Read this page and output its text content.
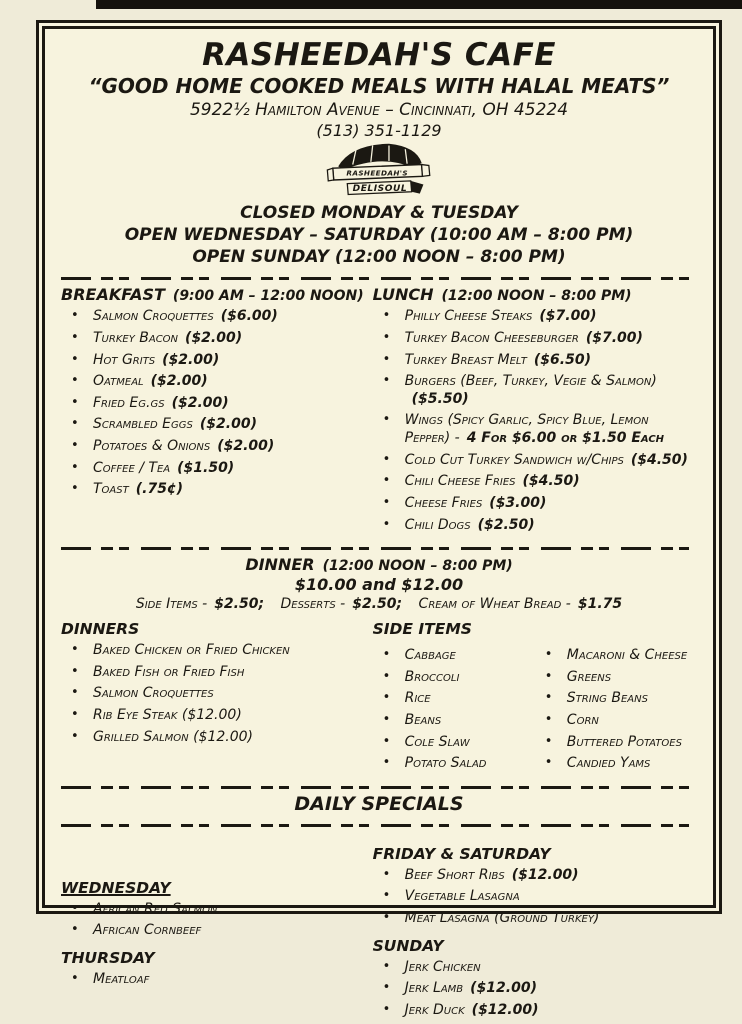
RASHEEDAH'S CAFE
“GOOD HOME COOKED MEALS WITH HALAL MEATS”
5922½ Hamilton Avenue – Cincinnati, OH 45224
(513) 351-1129
RASHEEDAH'S
DELISOUL
CLOSED MONDAY & TUESDAY
OPEN WEDNESDAY – SATURDAY (10:00 AM – 8:00 PM)
OPEN SUNDAY (12:00 NOON – 8:00 PM)
BREAKFAST (9:00 AM – 12:00 NOON)
• Salmon Croquettes ($6.00)
• Turkey Bacon ($2.00)
• Hot Grits ($2.00)
• Oatmeal ($2.00)
• Fried Eg.gs ($2.00)
• Scrambled Eggs ($2.00)
• Potatoes & Onions ($2.00)
• Coffee / Tea ($1.50)
• Toast (.75¢)
LUNCH (12:00 NOON – 8:00 PM)
• Philly Cheese Steaks ($7.00)
• Turkey Bacon Cheeseburger ($7.00)
• Turkey Breast Melt ($6.50)
• Burgers (Beef, Turkey, Vegie & Salmon)($5.50)
• Wings (Spicy Garlic, Spicy Blue, Lemon Pepper) - 4 For $6.00 or $1.50 Each
• Cold Cut Turkey Sandwich w/Chips ($4.50)
• Chili Cheese Fries ($4.50)
• Cheese Fries ($3.00)
• Chili Dogs ($2.50)
DINNER (12:00 NOON – 8:00 PM)
$10.00 and $12.00
Side Items - $2.50; Desserts - $2.50; Cream of Wheat Bread - $1.75
DINNERS
• Baked Chicken or Fried Chicken
• Baked Fish or Fried Fish
• Salmon Croquettes
• Rib Eye Steak ($12.00)
• Grilled Salmon ($12.00)
SIDE ITEMS
• Cabbage
• Broccoli
• Rice
• Beans
• Cole Slaw
• Potato Salad
• Macaroni & Cheese
• Greens
• String Beans
• Corn
• Buttered Potatoes
• Candied Yams
DAILY SPECIALS
WEDNESDAY
• African Red Salmon
• African Cornbeef
THURSDAY
• Meatloaf
FRIDAY & SATURDAY
• Beef Short Ribs ($12.00)
• Vegetable Lasagna
• Meat Lasagna (Ground Turkey)
SUNDAY
• Jerk Chicken
• Jerk Lamb ($12.00)
• Jerk Duck ($12.00)
